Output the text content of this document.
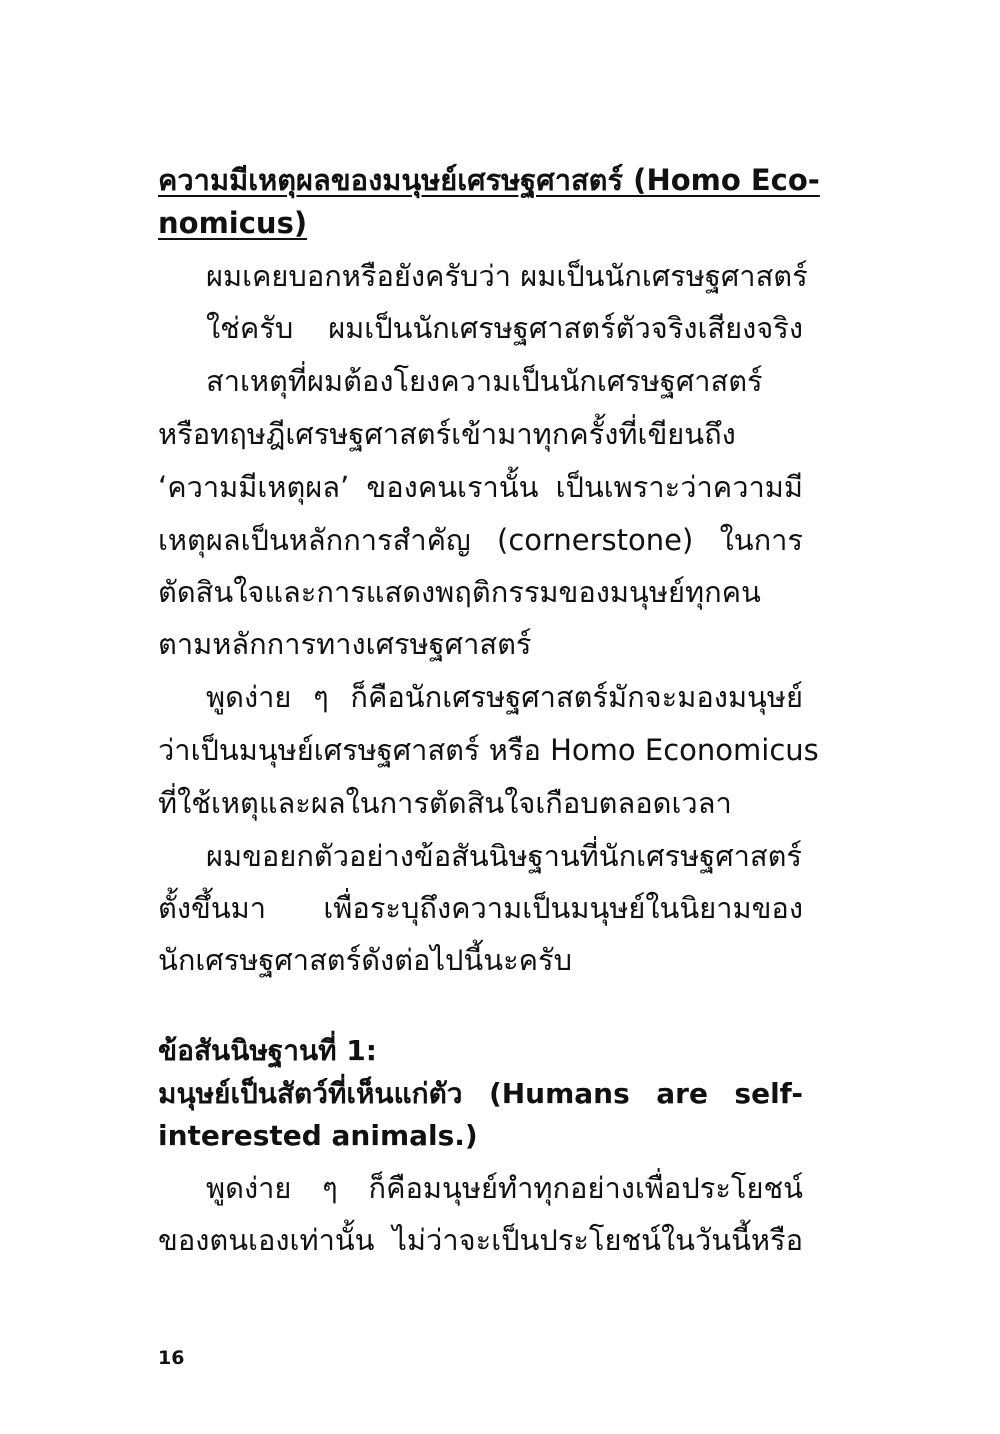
ความมีเหตุผลของมนุษย์เศรษฐศาสตร์ (Homo Eco-
nomicus)
ผมเคยบอกหรือยังครับว่า ผมเป็นนักเศรษฐศาสตร์
ใช่ครับ ผมเป็นนักเศรษฐศาสตร์ตัวจริงเสียงจริง
สาเหตุที่ผมต้องโยงความเป็นนักเศรษฐศาสตร์
หรือทฤษฎีเศรษฐศาสตร์เข้ามาทุกครั้งที่เขียนถึง
‘ความมีเหตุผล’ ของคนเรานั้น เป็นเพราะว่าความมี
เหตุผลเป็นหลักการสำคัญ (cornerstone) ในการ
ตัดสินใจและการแสดงพฤติกรรมของมนุษย์ทุกคน
ตามหลักการทางเศรษฐศาสตร์
พูดง่าย ๆ ก็คือนักเศรษฐศาสตร์มักจะมองมนุษย์
ว่าเป็นมนุษย์เศรษฐศาสตร์ หรือ Homo Economicus
ที่ใช้เหตุและผลในการตัดสินใจเกือบตลอดเวลา
ผมขอยกตัวอย่างข้อสันนิษฐานที่นักเศรษฐศาสตร์
ตั้งขึ้นมา เพื่อระบุถึงความเป็นมนุษย์ในนิยามของ
นักเศรษฐศาสตร์ดังต่อไปนี้นะครับ
ข้อสันนิษฐานที่ 1:
มนุษย์เป็นสัตว์ที่เห็นแก่ตัว (Humans are self-
interested animals.)
พูดง่าย ๆ ก็คือมนุษย์ทำทุกอย่างเพื่อประโยชน์
ของตนเองเท่านั้น ไม่ว่าจะเป็นประโยชน์ในวันนี้หรือ
16
